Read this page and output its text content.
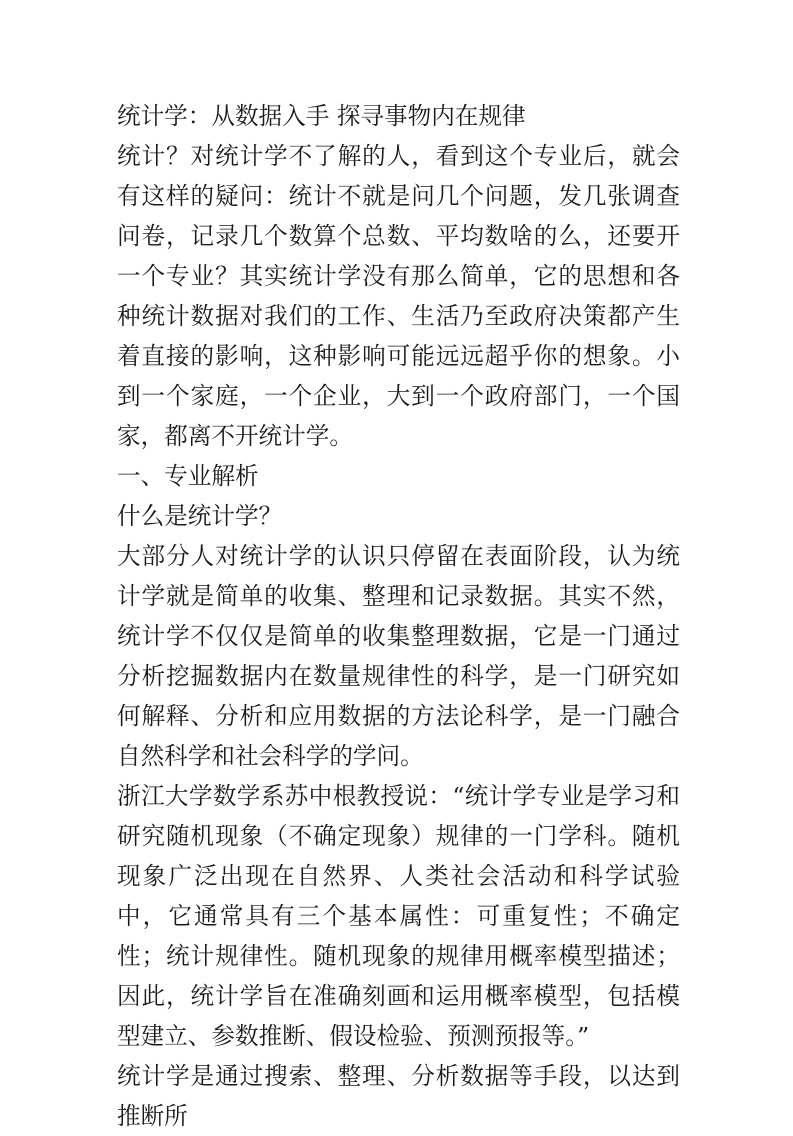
统计学：从数据入手 探寻事物内在规律
统计？对统计学不了解的人，看到这个专业后，就会有这样的疑问：统计不就是问几个问题，发几张调查问卷，记录几个数算个总数、平均数啥的么，还要开一个专业？其实统计学没有那么简单，它的思想和各种统计数据对我们的工作、生活乃至政府决策都产生着直接的影响，这种影响可能远远超乎你的想象。小到一个家庭，一个企业，大到一个政府部门，一个国家，都离不开统计学。
一、专业解析
什么是统计学？
大部分人对统计学的认识只停留在表面阶段，认为统计学就是简单的收集、整理和记录数据。其实不然，统计学不仅仅是简单的收集整理数据，它是一门通过分析挖掘数据内在数量规律性的科学，是一门研究如何解释、分析和应用数据的方法论科学，是一门融合自然科学和社会科学的学问。
浙江大学数学系苏中根教授说：“统计学专业是学习和研究随机现象（不确定现象）规律的一门学科。随机现象广泛出现在自然界、人类社会活动和科学试验中，它通常具有三个基本属性：可重复性；不确定性；统计规律性。随机现象的规律用概率模型描述；因此，统计学旨在准确刻画和运用概率模型，包括模型建立、参数推断、假设检验、预测预报等。”
统计学是通过搜索、整理、分析数据等手段，以达到推断所
